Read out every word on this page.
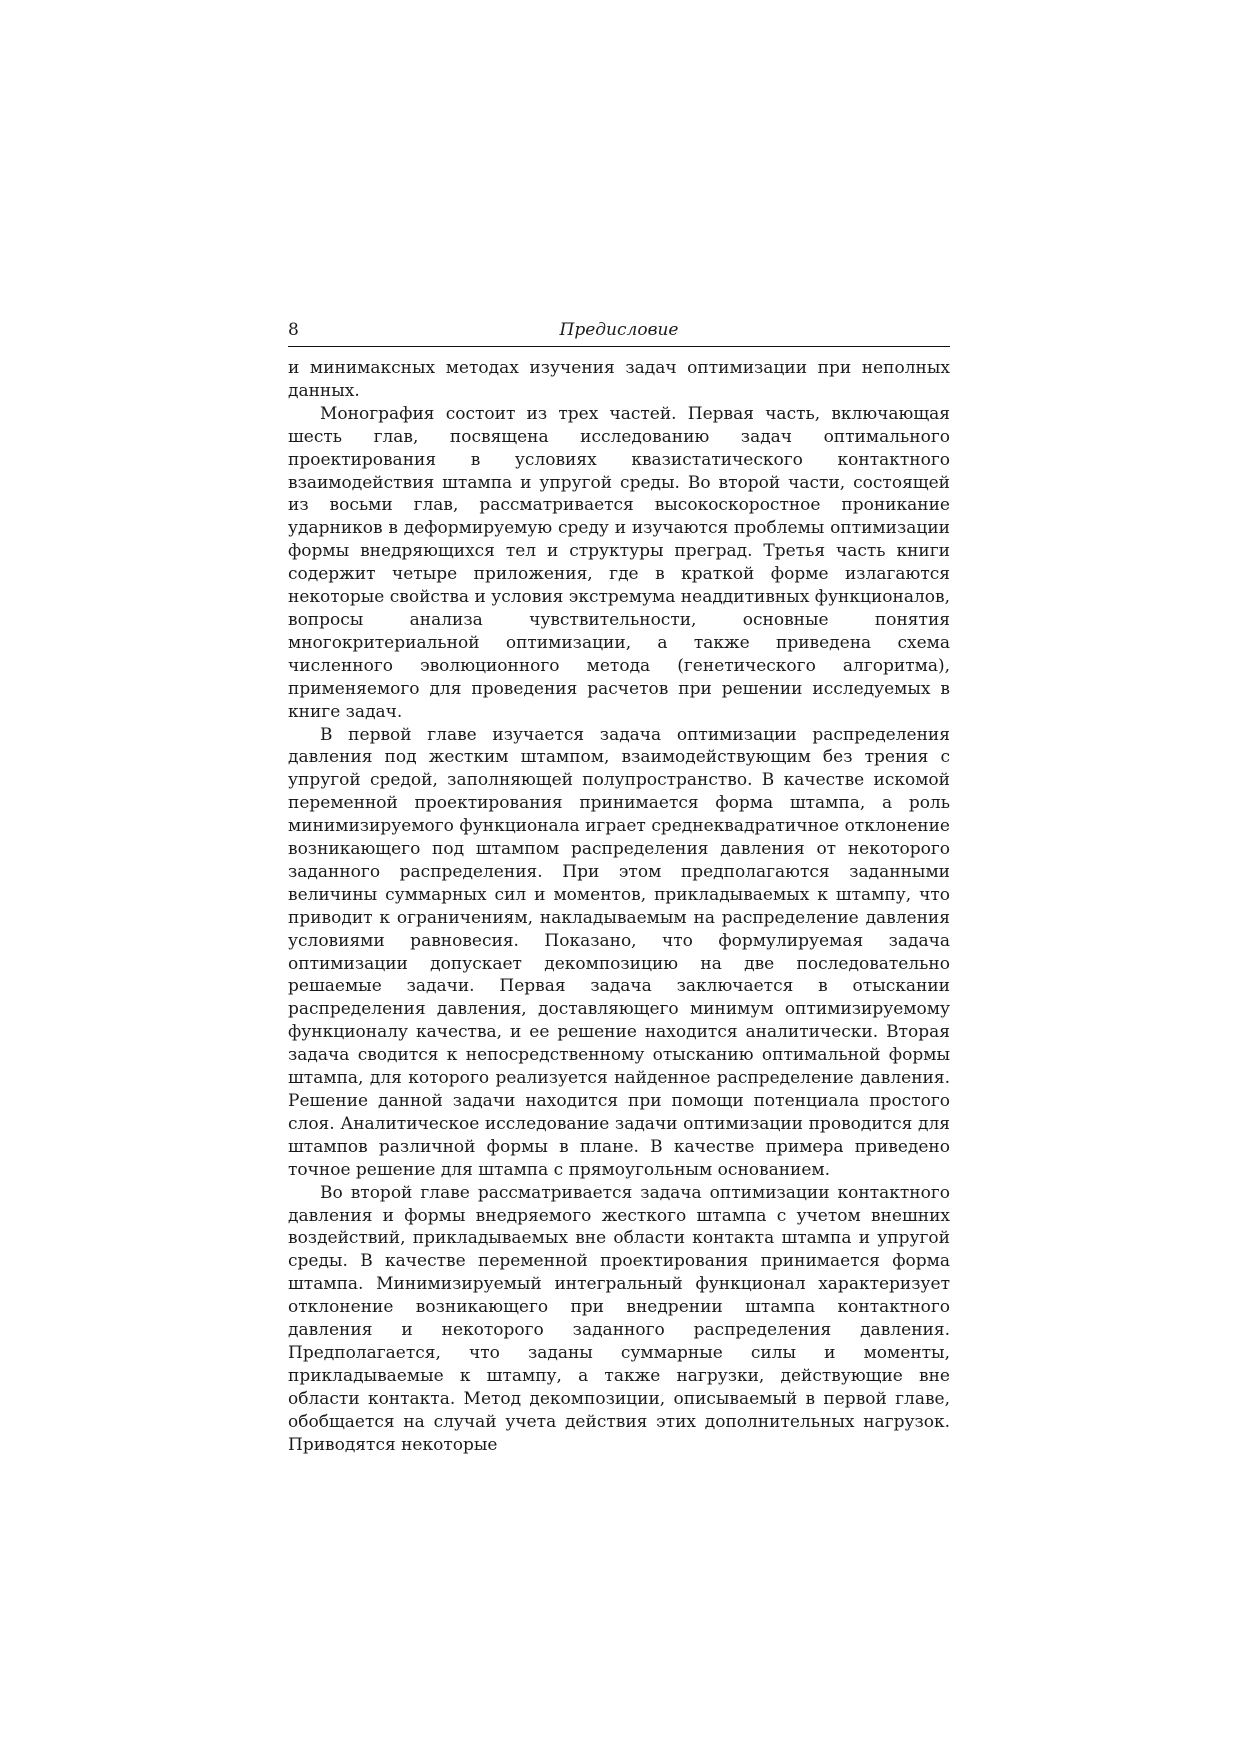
8	Предисловие

и минимаксных методах изучения задач оптимизации при неполных данных.

Монография состоит из трех частей. Первая часть, включающая шесть глав, посвящена исследованию задач оптимального проектирования в условиях квазистатического контактного взаимодействия штампа и упругой среды. Во второй части, состоящей из восьми глав, рассматривается высокоскоростное проникание ударников в деформируемую среду и изучаются проблемы оптимизации формы внедряющихся тел и структуры преград. Третья часть книги содержит четыре приложения, где в краткой форме излагаются некоторые свойства и условия экстремума неаддитивных функционалов, вопросы анализа чувствительности, основные понятия многокритериальной оптимизации, а также приведена схема численного эволюционного метода (генетического алгоритма), применяемого для проведения расчетов при решении исследуемых в книге задач.

В первой главе изучается задача оптимизации распределения давления под жестким штампом, взаимодействующим без трения с упругой средой, заполняющей полупространство. В качестве искомой переменной проектирования принимается форма штампа, а роль минимизируемого функционала играет среднеквадратичное отклонение возникающего под штампом распределения давления от некоторого заданного распределения. При этом предполагаются заданными величины суммарных сил и моментов, прикладываемых к штампу, что приводит к ограничениям, накладываемым на распределение давления условиями равновесия. Показано, что формулируемая задача оптимизации допускает декомпозицию на две последовательно решаемые задачи. Первая задача заключается в отыскании распределения давления, доставляющего минимум оптимизируемому функционалу качества, и ее решение находится аналитически. Вторая задача сводится к непосредственному отысканию оптимальной формы штампа, для которого реализуется найденное распределение давления. Решение данной задачи находится при помощи потенциала простого слоя. Аналитическое исследование задачи оптимизации проводится для штампов различной формы в плане. В качестве примера приведено точное решение для штампа с прямоугольным основанием.

Во второй главе рассматривается задача оптимизации контактного давления и формы внедряемого жесткого штампа с учетом внешних воздействий, прикладываемых вне области контакта штампа и упругой среды. В качестве переменной проектирования принимается форма штампа. Минимизируемый интегральный функционал характеризует отклонение возникающего при внедрении штампа контактного давления и некоторого заданного распределения давления. Предполагается, что заданы суммарные силы и моменты, прикладываемые к штампу, а также нагрузки, действующие вне области контакта. Метод декомпозиции, описываемый в первой главе, обобщается на случай учета действия этих дополнительных нагрузок. Приводятся некоторые
